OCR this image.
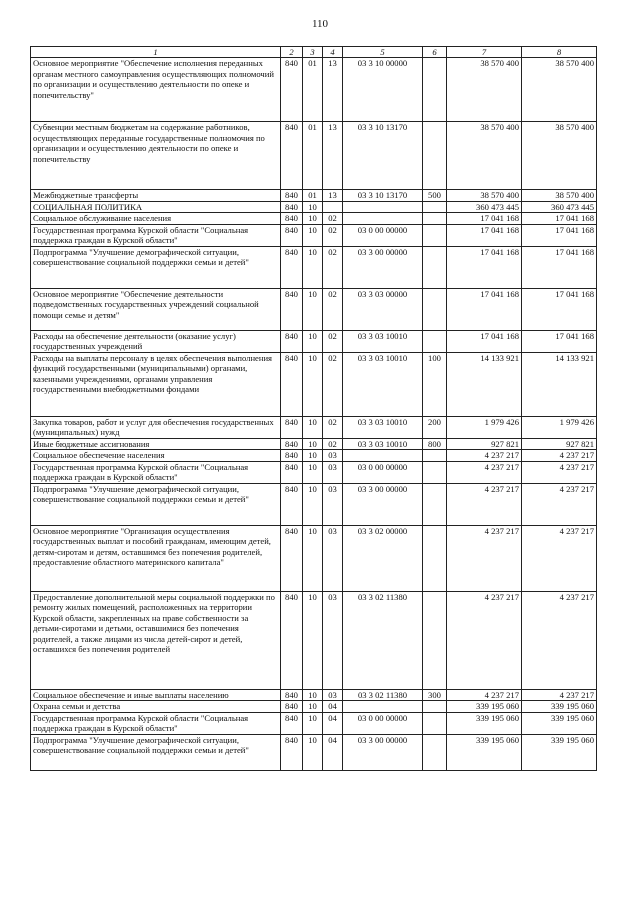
110
1	2	3	4	5	6	7	8
Основное мероприятие "Обеспечение исполнения переданных органам местного самоуправления осуществляющих полномочий по организации и осуществлению деятельности по опеке и попечительству"	840	01	13	03 3 10 00000		38 570 400	38 570 400
Субвенции местным бюджетам на содержание работников, осуществляющих переданные государственные полномочия по организации и осуществлению деятельности по опеке и попечительству	840	01	13	03 3 10 13170		38 570 400	38 570 400
Межбюджетные трансферты	840	01	13	03 3 10 13170	500	38 570 400	38 570 400
СОЦИАЛЬНАЯ ПОЛИТИКА	840	10				360 473 445	360 473 445
Социальное обслуживание населения	840	10	02			17 041 168	17 041 168
Государственная программа Курской области "Социальная поддержка граждан в Курской области"	840	10	02	03 0 00 00000		17 041 168	17 041 168
Подпрограмма "Улучшение демографической ситуации, совершенствование социальной поддержки семьи и детей"	840	10	02	03 3 00 00000		17 041 168	17 041 168
Основное мероприятие "Обеспечение деятельности подведомственных государственных учреждений социальной помощи семье и детям"	840	10	02	03 3 03 00000		17 041 168	17 041 168
Расходы на обеспечение деятельности (оказание услуг) государственных учреждений	840	10	02	03 3 03 10010		17 041 168	17 041 168
Расходы на выплаты персоналу в целях обеспечения выполнения функций государственными (муниципальными) органами, казенными учреждениями, органами управления государственными внебюджетными фондами	840	10	02	03 3 03 10010	100	14 133 921	14 133 921
Закупка товаров, работ и услуг для обеспечения государственных (муниципальных) нужд	840	10	02	03 3 03 10010	200	1 979 426	1 979 426
Иные бюджетные ассигнования	840	10	02	03 3 03 10010	800	927 821	927 821
Социальное обеспечение населения	840	10	03			4 237 217	4 237 217
Государственная программа Курской области "Социальная поддержка граждан в Курской области"	840	10	03	03 0 00 00000		4 237 217	4 237 217
Подпрограмма "Улучшение демографической ситуации, совершенствование социальной поддержки семьи и детей"	840	10	03	03 3 00 00000		4 237 217	4 237 217
Основное мероприятие "Организация осуществления государственных выплат и пособий гражданам, имеющим детей, детям-сиротам и детям, оставшимся без попечения родителей, предоставление областного материнского капитала"	840	10	03	03 3 02 00000		4 237 217	4 237 217
Предоставление дополнительной меры социальной поддержки по ремонту жилых помещений, расположенных на территории Курской области, закрепленных на праве собственности за детьми-сиротами и детьми, оставшимися без попечения родителей, а также лицами из числа детей-сирот и детей, оставшихся без попечения родителей	840	10	03	03 3 02 11380		4 237 217	4 237 217
Социальное обеспечение и иные выплаты населению	840	10	03	03 3 02 11380	300	4 237 217	4 237 217
Охрана семьи и детства	840	10	04			339 195 060	339 195 060
Государственная программа Курской области "Социальная поддержка граждан в Курской области"	840	10	04	03 0 00 00000		339 195 060	339 195 060
Подпрограмма "Улучшение демографической ситуации, совершенствование социальной поддержки семьи и детей"	840	10	04	03 3 00 00000		339 195 060	339 195 060
